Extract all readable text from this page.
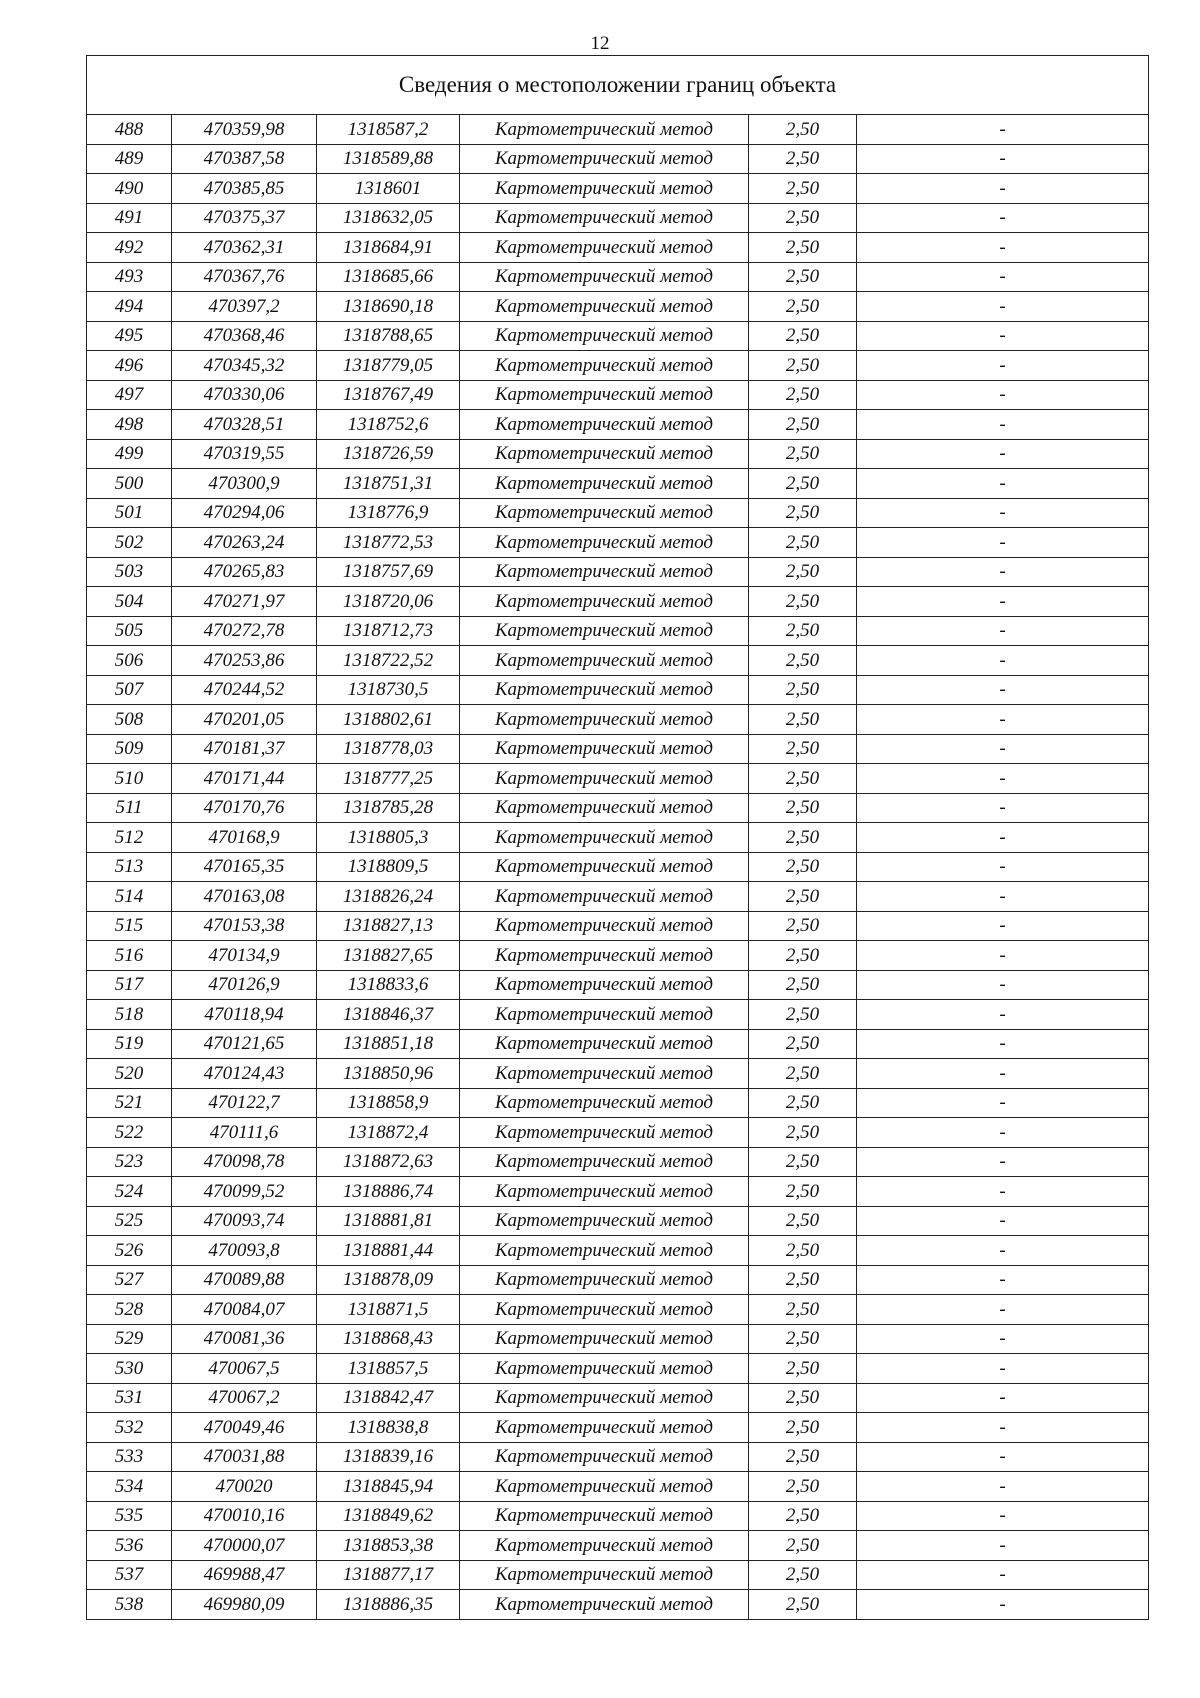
12
Сведения о местоположении границ объекта					
488	470359,98	1318587,2	Картометрический метод	2,50	-
489	470387,58	1318589,88	Картометрический метод	2,50	-
490	470385,85	1318601	Картометрический метод	2,50	-
491	470375,37	1318632,05	Картометрический метод	2,50	-
492	470362,31	1318684,91	Картометрический метод	2,50	-
493	470367,76	1318685,66	Картометрический метод	2,50	-
494	470397,2	1318690,18	Картометрический метод	2,50	-
495	470368,46	1318788,65	Картометрический метод	2,50	-
496	470345,32	1318779,05	Картометрический метод	2,50	-
497	470330,06	1318767,49	Картометрический метод	2,50	-
498	470328,51	1318752,6	Картометрический метод	2,50	-
499	470319,55	1318726,59	Картометрический метод	2,50	-
500	470300,9	1318751,31	Картометрический метод	2,50	-
501	470294,06	1318776,9	Картометрический метод	2,50	-
502	470263,24	1318772,53	Картометрический метод	2,50	-
503	470265,83	1318757,69	Картометрический метод	2,50	-
504	470271,97	1318720,06	Картометрический метод	2,50	-
505	470272,78	1318712,73	Картометрический метод	2,50	-
506	470253,86	1318722,52	Картометрический метод	2,50	-
507	470244,52	1318730,5	Картометрический метод	2,50	-
508	470201,05	1318802,61	Картометрический метод	2,50	-
509	470181,37	1318778,03	Картометрический метод	2,50	-
510	470171,44	1318777,25	Картометрический метод	2,50	-
511	470170,76	1318785,28	Картометрический метод	2,50	-
512	470168,9	1318805,3	Картометрический метод	2,50	-
513	470165,35	1318809,5	Картометрический метод	2,50	-
514	470163,08	1318826,24	Картометрический метод	2,50	-
515	470153,38	1318827,13	Картометрический метод	2,50	-
516	470134,9	1318827,65	Картометрический метод	2,50	-
517	470126,9	1318833,6	Картометрический метод	2,50	-
518	470118,94	1318846,37	Картометрический метод	2,50	-
519	470121,65	1318851,18	Картометрический метод	2,50	-
520	470124,43	1318850,96	Картометрический метод	2,50	-
521	470122,7	1318858,9	Картометрический метод	2,50	-
522	470111,6	1318872,4	Картометрический метод	2,50	-
523	470098,78	1318872,63	Картометрический метод	2,50	-
524	470099,52	1318886,74	Картометрический метод	2,50	-
525	470093,74	1318881,81	Картометрический метод	2,50	-
526	470093,8	1318881,44	Картометрический метод	2,50	-
527	470089,88	1318878,09	Картометрический метод	2,50	-
528	470084,07	1318871,5	Картометрический метод	2,50	-
529	470081,36	1318868,43	Картометрический метод	2,50	-
530	470067,5	1318857,5	Картометрический метод	2,50	-
531	470067,2	1318842,47	Картометрический метод	2,50	-
532	470049,46	1318838,8	Картометрический метод	2,50	-
533	470031,88	1318839,16	Картометрический метод	2,50	-
534	470020	1318845,94	Картометрический метод	2,50	-
535	470010,16	1318849,62	Картометрический метод	2,50	-
536	470000,07	1318853,38	Картометрический метод	2,50	-
537	469988,47	1318877,17	Картометрический метод	2,50	-
538	469980,09	1318886,35	Картометрический метод	2,50	-
